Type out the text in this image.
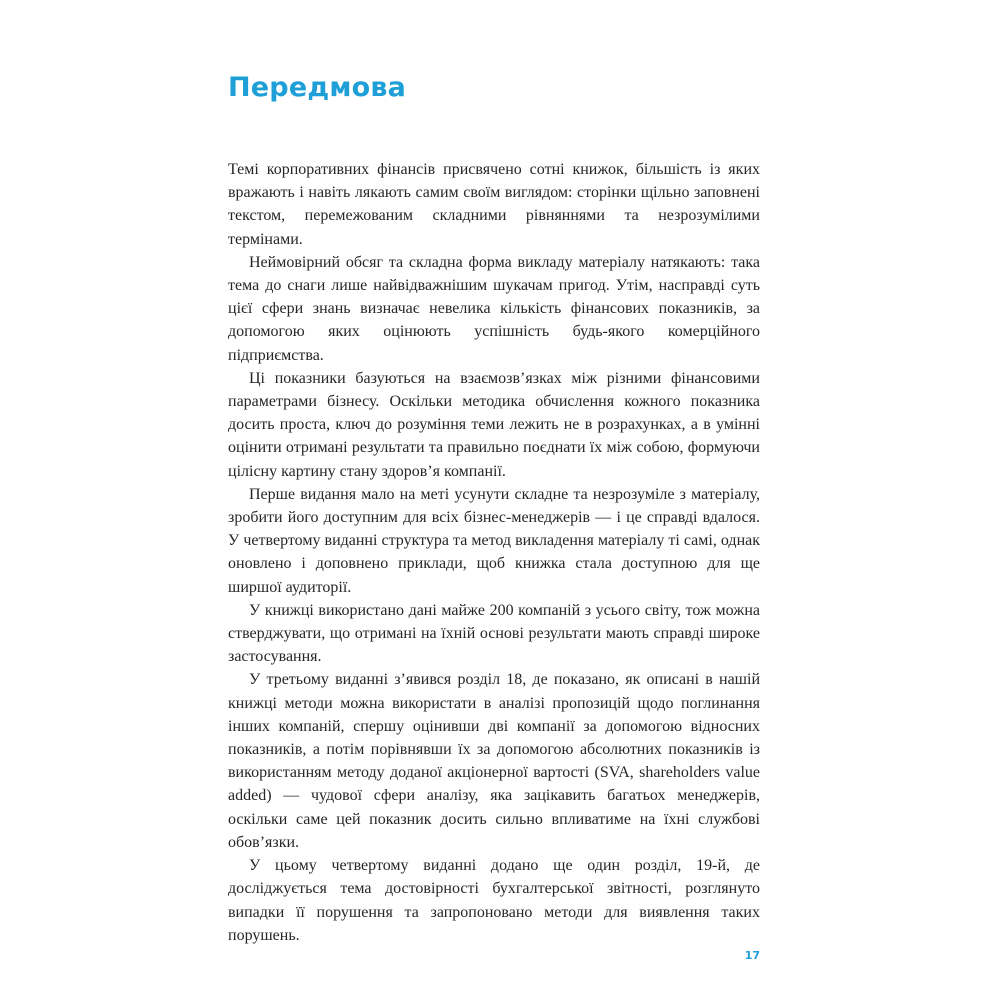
Передмова

Темі корпоративних фінансів присвячено сотні книжок, більшість із яких вражають і навіть лякають самим своїм виглядом: сторінки щільно заповнені текстом, перемежованим складними рівняннями та незрозумілими термінами.

Неймовірний обсяг та складна форма викладу матеріалу натякають: така тема до снаги лише найвідважнішим шукачам пригод. Утім, насправді суть цієї сфери знань визначає невелика кількість фінансових показників, за допомогою яких оцінюють успішність будь-якого комерційного підприємства.

Ці показники базуються на взаємозв’язках між різними фінансовими параметрами бізнесу. Оскільки методика обчислення кожного показника досить проста, ключ до розуміння теми лежить не в розрахунках, а в умінні оцінити отримані результати та правильно поєднати їх між собою, формуючи цілісну картину стану здоров’я компанії.

Перше видання мало на меті усунути складне та незрозуміле з матеріалу, зробити його доступним для всіх бізнес-менеджерів — і це справді вдалося. У четвертому виданні структура та метод викладення матеріалу ті самі, однак оновлено і доповнено приклади, щоб книжка стала доступною для ще ширшої аудиторії.

У книжці використано дані майже 200 компаній з усього світу, тож можна стверджувати, що отримані на їхній основі результати мають справді широке застосування.

У третьому виданні з’явився розділ 18, де показано, як описані в нашій книжці методи можна використати в аналізі пропозицій щодо поглинання інших компаній, спершу оцінивши дві компанії за допомогою відносних показників, а потім порівнявши їх за допомогою абсолютних показників із використанням методу доданої акціонерної вартості (SVA, shareholders value added) — чудової сфери аналізу, яка зацікавить багатьох менеджерів, оскільки саме цей показник досить сильно впливатиме на їхні службові обов’язки.

У цьому четвертому виданні додано ще один розділ, 19-й, де досліджується тема достовірності бухгалтерської звітності, розглянуто випадки її порушення та запропоновано методи для виявлення таких порушень.

17
